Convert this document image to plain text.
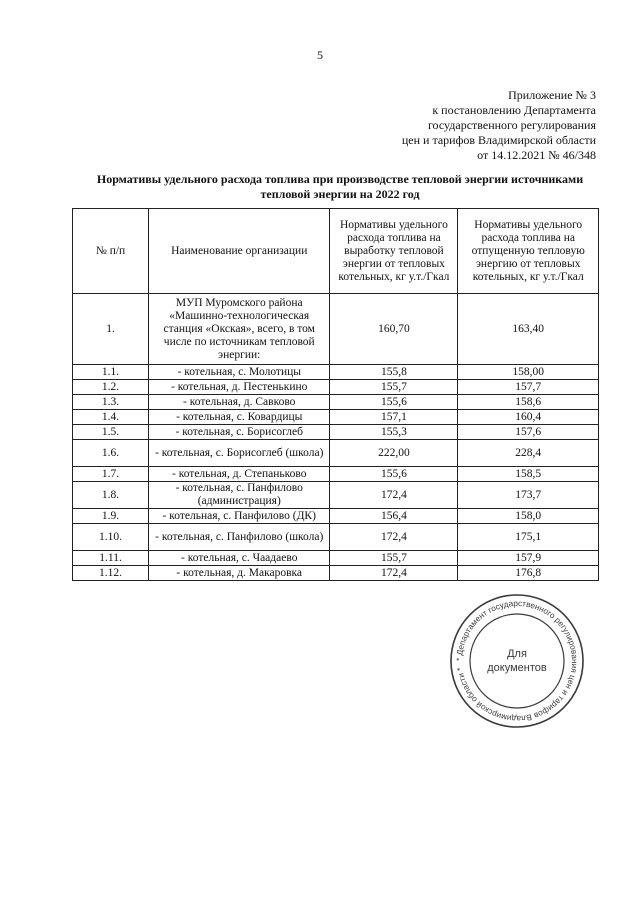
5
Приложение № 3
к постановлению Департамента
государственного регулирования
цен и тарифов Владимирской области
от 14.12.2021 № 46/348
Нормативы удельного расхода топлива при производстве тепловой энергии источниками
тепловой энергии на 2022 год
№ п/п	Наименование организации	Нормативы удельного расхода топлива на выработку тепловой энергии от тепловых котельных, кг у.т./Гкал	Нормативы удельного расхода топлива на отпущенную тепловую энергию от тепловых котельных, кг у.т./Гкал
1.	МУП Муромского района «Машинно-технологическая станция «Окская», всего, в том числе по источникам тепловой энергии:	160,70	163,40
1.1.	- котельная, с. Молотицы	155,8	158,00
1.2.	- котельная, д. Пестенькино	155,7	157,7
1.3.	- котельная, д. Савково	155,6	158,6
1.4.	- котельная, с. Ковардицы	157,1	160,4
1.5.	- котельная, с. Борисоглеб	155,3	157,6
1.6.	- котельная, с. Борисоглеб (школа)	222,00	228,4
1.7.	- котельная, д. Степаньково	155,6	158,5
1.8.	- котельная, с. Панфилово (администрация)	172,4	173,7
1.9.	- котельная, с. Панфилово (ДК)	156,4	158,0
1.10.	- котельная, с. Панфилово (школа)	172,4	175,1
1.11.	- котельная, с. Чаадаево	155,7	157,9
1.12.	- котельная, д. Макаровка	172,4	176,8
* Департамент государственного регулирования цен и тарифов Владимирской области *
Для
документов
